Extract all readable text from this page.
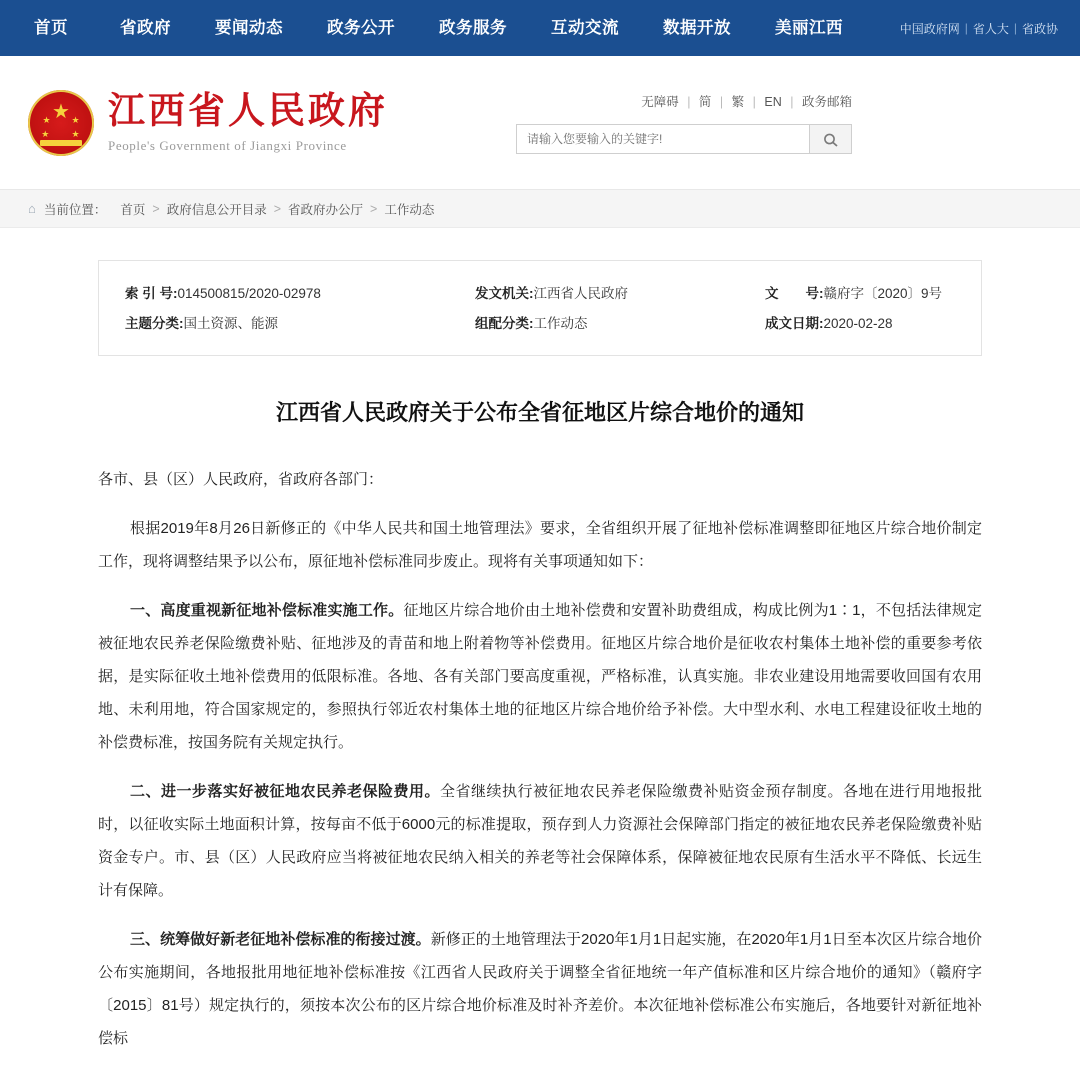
首页	省政府	要闻动态	政务公开	政务服务	互动交流	数据开放	美丽江西	中国政府网 | 省人大 | 省政协
★
★ ★
★ ★
江西省人民政府
People's Government of Jiangxi Province
无障碍 | 简 | 繁 | EN | 政务邮箱
请输入您要输入的关键字!
⌂ 当前位置： 首页 > 政府信息公开目录 > 省政府办公厅 > 工作动态
索 引 号: 014500815/2020-02978	发文机关: 江西省人民政府	文　　号: 赣府字〔2020〕9号
主题分类: 国土资源、能源	组配分类: 工作动态	成文日期: 2020-02-28
江西省人民政府关于公布全省征地区片综合地价的通知

各市、县（区）人民政府，省政府各部门：

根据2019年8月26日新修正的《中华人民共和国土地管理法》要求，全省组织开展了征地补偿标准调整即征地区片综合地价制定工作，现将调整结果予以公布，原征地补偿标准同步废止。现将有关事项通知如下：

一、高度重视新征地补偿标准实施工作。征地区片综合地价由土地补偿费和安置补助费组成，构成比例为1∶1，不包括法律规定被征地农民养老保险缴费补贴、征地涉及的青苗和地上附着物等补偿费用。征地区片综合地价是征收农村集体土地补偿的重要参考依据，是实际征收土地补偿费用的低限标准。各地、各有关部门要高度重视，严格标准，认真实施。非农业建设用地需要收回国有农用地、未利用地，符合国家规定的，参照执行邻近农村集体土地的征地区片综合地价给予补偿。大中型水利、水电工程建设征收土地的补偿费标准，按国务院有关规定执行。

二、进一步落实好被征地农民养老保险费用。全省继续执行被征地农民养老保险缴费补贴资金预存制度。各地在进行用地报批时，以征收实际土地面积计算，按每亩不低于6000元的标准提取，预存到人力资源社会保障部门指定的被征地农民养老保险缴费补贴资金专户。市、县（区）人民政府应当将被征地农民纳入相关的养老等社会保障体系，保障被征地农民原有生活水平不降低、长远生计有保障。

三、统筹做好新老征地补偿标准的衔接过渡。新修正的土地管理法于2020年1月1日起实施，在2020年1月1日至本次区片综合地价公布实施期间，各地报批用地征地补偿标准按《江西省人民政府关于调整全省征地统一年产值标准和区片综合地价的通知》（赣府字〔2015〕81号）规定执行的，须按本次公布的区片综合地价标准及时补齐差价。本次征地补偿标准公布实施后，各地要针对新征地补偿标
